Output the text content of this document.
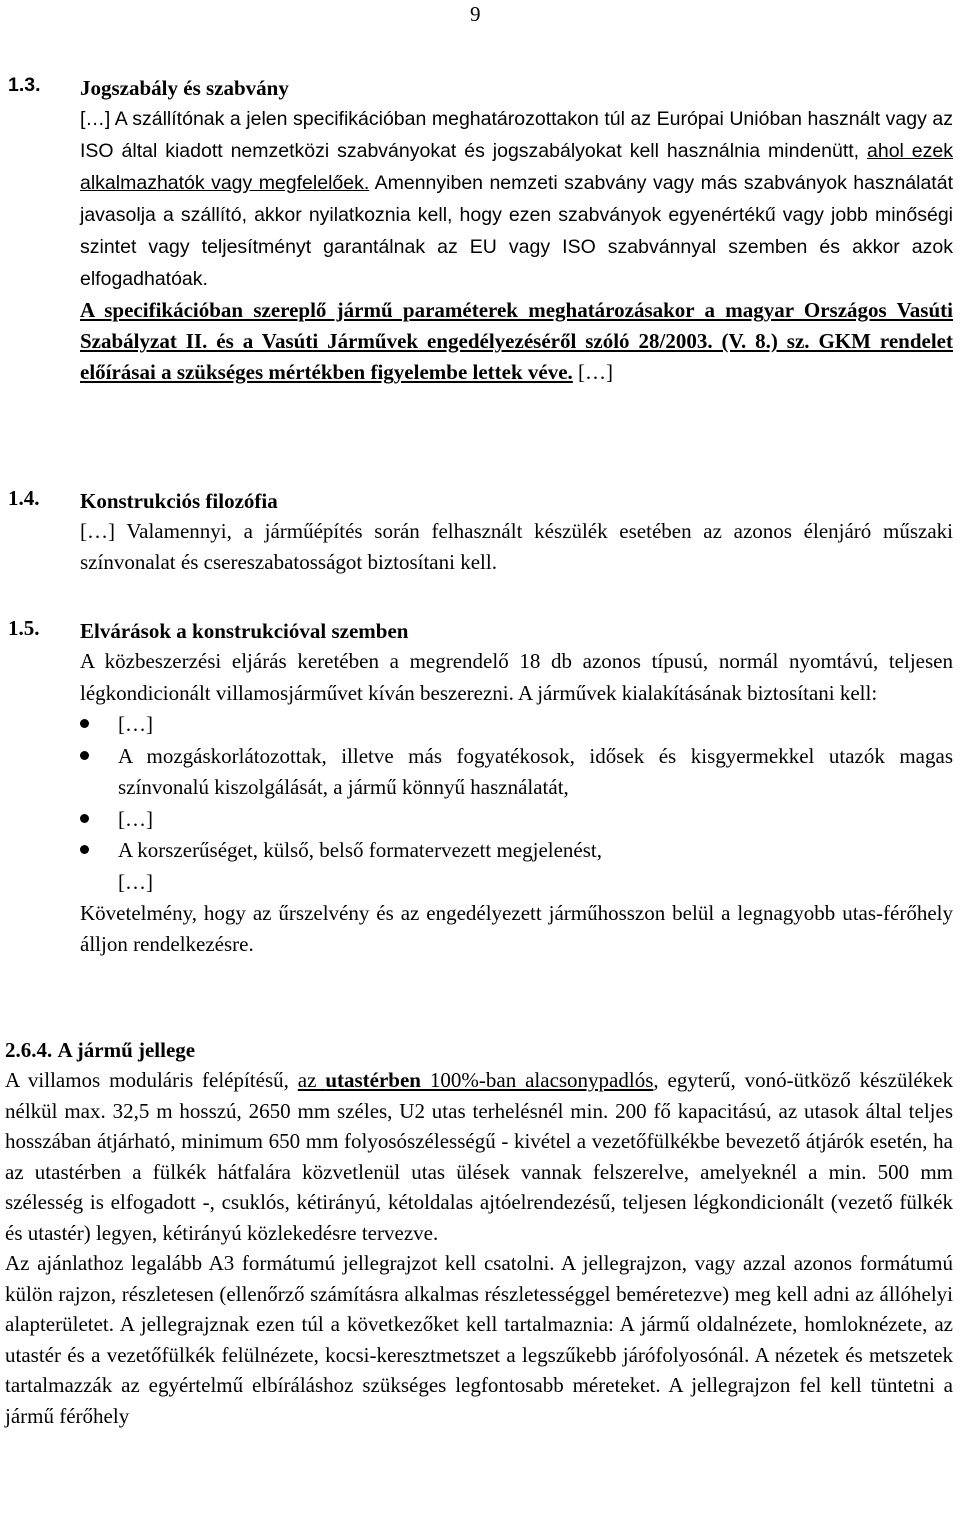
9
1.3. Jogszabály és szabvány

[…] A szállítónak a jelen specifikációban meghatározottakon túl az Európai Unióban használt vagy az ISO által kiadott nemzetközi szabványokat és jogszabályokat kell használnia mindenütt, ahol ezek alkalmazhatók vagy megfelelőek. Amennyiben nemzeti szabvány vagy más szabványok használatát javasolja a szállító, akkor nyilatkoznia kell, hogy ezen szabványok egyenértékű vagy jobb minőségi szintet vagy teljesítményt garantálnak az EU vagy ISO szabvánnyal szemben és akkor azok elfogadhatóak.

A specifikációban szereplő jármű paraméterek meghatározásakor a magyar Országos Vasúti Szabályzat II. és a Vasúti Járművek engedélyezéséről szóló 28/2003. (V. 8.) sz. GKM rendelet előírásai a szükséges mértékben figyelembe lettek véve. […]

1.4. Konstrukciós filozófia

[…] Valamennyi, a járműépítés során felhasznált készülék esetében az azonos élenjáró műszaki színvonalat és csereszabatosságot biztosítani kell.

1.5. Elvárások a konstrukcióval szemben

A közbeszerzési eljárás keretében a megrendelő 18 db azonos típusú, normál nyomtávú, teljesen légkondicionált villamosjárművet kíván beszerezni. A járművek kialakításának biztosítani kell:

[…]
A mozgáskorlátozottak, illetve más fogyatékosok, idősek és kisgyermekkel utazók magas színvonalú kiszolgálását, a jármű könnyű használatát,
[…]
A korszerűséget, külső, belső formatervezett megjelenést,
[…]

Követelmény, hogy az űrszelvény és az engedélyezett járműhosszon belül a legnagyobb utas-férőhely álljon rendelkezésre.

2.6.4. A jármű jellege

A villamos moduláris felépítésű, az utastérben 100%-ban alacsonypadlós, egyterű, vonó-ütköző készülékek nélkül max. 32,5 m hosszú, 2650 mm széles, U2 utas terhelésnél min. 200 fő kapacitású, az utasok által teljes hosszában átjárható, minimum 650 mm folyosószélességű - kivétel a vezetőfülkékbe bevezető átjárók esetén, ha az utastérben a fülkék hátfalára közvetlenül utas ülések vannak felszerelve, amelyeknél a min. 500 mm szélesség is elfogadott -, csuklós, kétirányú, kétoldalas ajtóelrendezésű, teljesen légkondicionált (vezető fülkék és utastér) legyen, kétirányú közlekedésre tervezve.

Az ajánlathoz legalább A3 formátumú jellegrajzot kell csatolni. A jellegrajzon, vagy azzal azonos formátumú külön rajzon, részletesen (ellenőrző számításra alkalmas részletességgel beméretezve) meg kell adni az állóhelyi alapterületet. A jellegrajznak ezen túl a következőket kell tartalmaznia: A jármű oldalnézete, homloknézete, az utastér és a vezetőfülkék felülnézete, kocsi-keresztmetszet a legszűkebb járófolyosónál. A nézetek és metszetek tartalmazzák az egyértelmű elbíráláshoz szükséges legfontosabb méreteket. A jellegrajzon fel kell tüntetni a jármű férőhely
